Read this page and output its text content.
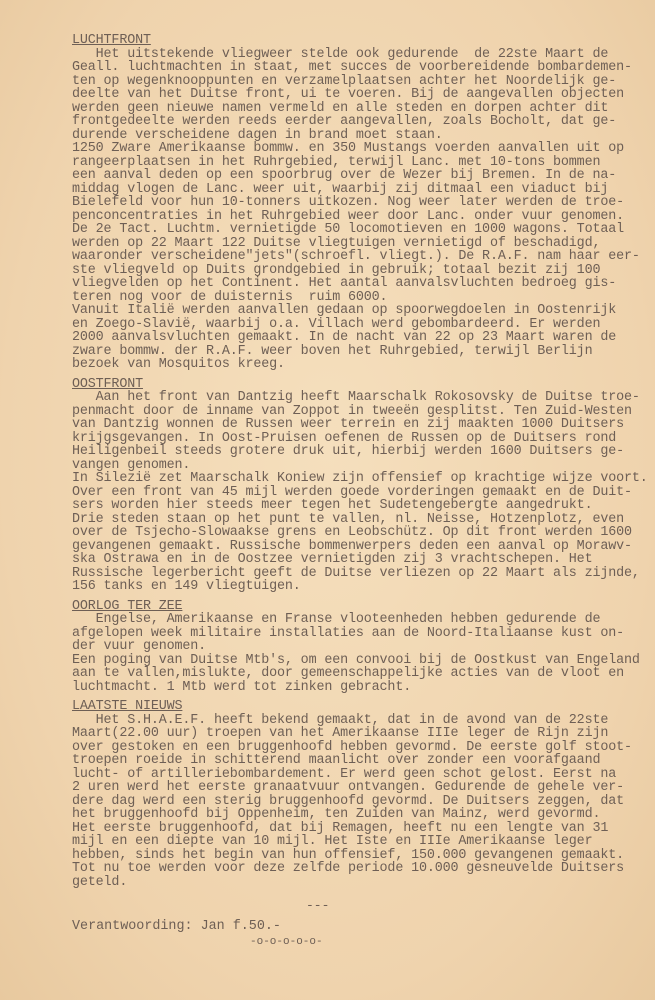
LUCHTFRONT
Het uitstekende vliegweer stelde ook gedurende  de 22ste Maart de
Geall. luchtmachten in staat, met succes de voorbereidende bombardemen-
ten op wegenknooppunten en verzamelplaatsen achter het Noordelijk ge-
deelte van het Duitse front, ui te voeren. Bij de aangevallen objecten
werden geen nieuwe namen vermeld en alle steden en dorpen achter dit
frontgedeelte werden reeds eerder aangevallen, zoals Bocholt, dat ge-
durende verscheidene dagen in brand moet staan.
1250 Zware Amerikaanse bommw. en 350 Mustangs voerden aanvallen uit op
rangeerplaatsen in het Ruhrgebied, terwijl Lanc. met 10-tons bommen
een aanval deden op een spoorbrug over de Wezer bij Bremen. In de na-
middag vlogen de Lanc. weer uit, waarbij zij ditmaal een viaduct bij
Bielefeld voor hun 10-tonners uitkozen. Nog weer later werden de troe-
penconcentraties in het Ruhrgebied weer door Lanc. onder vuur genomen.
De 2e Tact. Luchtm. vernietigde 50 locomotieven en 1000 wagons. Totaal
werden op 22 Maart 122 Duitse vliegtuigen vernietigd of beschadigd,
waaronder verscheidene"jets"(schroefl. vliegt.). De R.A.F. nam haar eer-
ste vliegveld op Duits grondgebied in gebruik; totaal bezit zij 100
vliegvelden op het Continent. Het aantal aanvalsvluchten bedroeg gis-
teren nog voor de duisternis  ruim 6000.
Vanuit Italië werden aanvallen gedaan op spoorwegdoelen in Oostenrijk
en Zoego-Slavië, waarbij o.a. Villach werd gebombardeerd. Er werden
2000 aanvalsvluchten gemaakt. In de nacht van 22 op 23 Maart waren de
zware bommw. der R.A.F. weer boven het Ruhrgebied, terwijl Berlijn
bezoek van Mosquitos kreeg.
OOSTFRONT
Aan het front van Dantzig heeft Maarschalk Rokosovsky de Duitse troe-
penmacht door de inname van Zoppot in tweeën gesplitst. Ten Zuid-Westen
van Dantzig wonnen de Russen weer terrein en zij maakten 1000 Duitsers
krijgsgevangen. In Oost-Pruisen oefenen de Russen op de Duitsers rond
Heiligenbeil steeds grotere druk uit, hierbij werden 1600 Duitsers ge-
vangen genomen.
In Silezië zet Maarschalk Koniew zijn offensief op krachtige wijze voort.
Over een front van 45 mijl werden goede vorderingen gemaakt en de Duit-
sers worden hier steeds meer tegen het Sudetengebergte aangedrukt.
Drie steden staan op het punt te vallen, nl. Neisse, Hotzenplotz, even
over de Tsjecho-Slowaakse grens en Leobschütz. Op dit front werden 1600
gevangenen gemaakt. Russische bommenwerpers deden een aanval op Morawv-
ska Ostrawa en in de Oostzee vernietigden zij 3 vrachtschepen. Het
Russische legerbericht geeft de Duitse verliezen op 22 Maart als zijnde,
156 tanks en 149 vliegtuigen.
OORLOG TER ZEE
Engelse, Amerikaanse en Franse vlooteenheden hebben gedurende de
afgelopen week militaire installaties aan de Noord-Italiaanse kust on-
der vuur genomen.
Een poging van Duitse Mtb's, om een convooi bij de Oostkust van Engeland
aan te vallen,mislukte, door gemeenschappelijke acties van de vloot en
luchtmacht. 1 Mtb werd tot zinken gebracht.
LAATSTE NIEUWS
Het S.H.A.E.F. heeft bekend gemaakt, dat in de avond van de 22ste
Maart(22.00 uur) troepen van het Amerikaanse IIIe leger de Rijn zijn
over gestoken en een bruggenhoofd hebben gevormd. De eerste golf stoot-
troepen roeide in schitterend maanlicht over zonder een voorafgaand
lucht- of artilleriebombardement. Er werd geen schot gelost. Eerst na
2 uren werd het eerste granaatvuur ontvangen. Gedurende de gehele ver-
dere dag werd een sterig bruggenhoofd gevormd. De Duitsers zeggen, dat
het bruggenhoofd bij Oppenheim, ten Zuiden van Mainz, werd gevormd.
Het eerste bruggenhoofd, dat bij Remagen, heeft nu een lengte van 31
mijl en een diepte van 10 mijl. Het Iste en IIIe Amerikaanse leger
hebben, sinds het begin van hun offensief, 150.000 gevangenen gemaakt.
Tot nu toe werden voor deze zelfde periode 10.000 gesneuvelde Duitsers
geteld.
---
Verantwoording: Jan f.50.-
-o-o-o-o-o-
